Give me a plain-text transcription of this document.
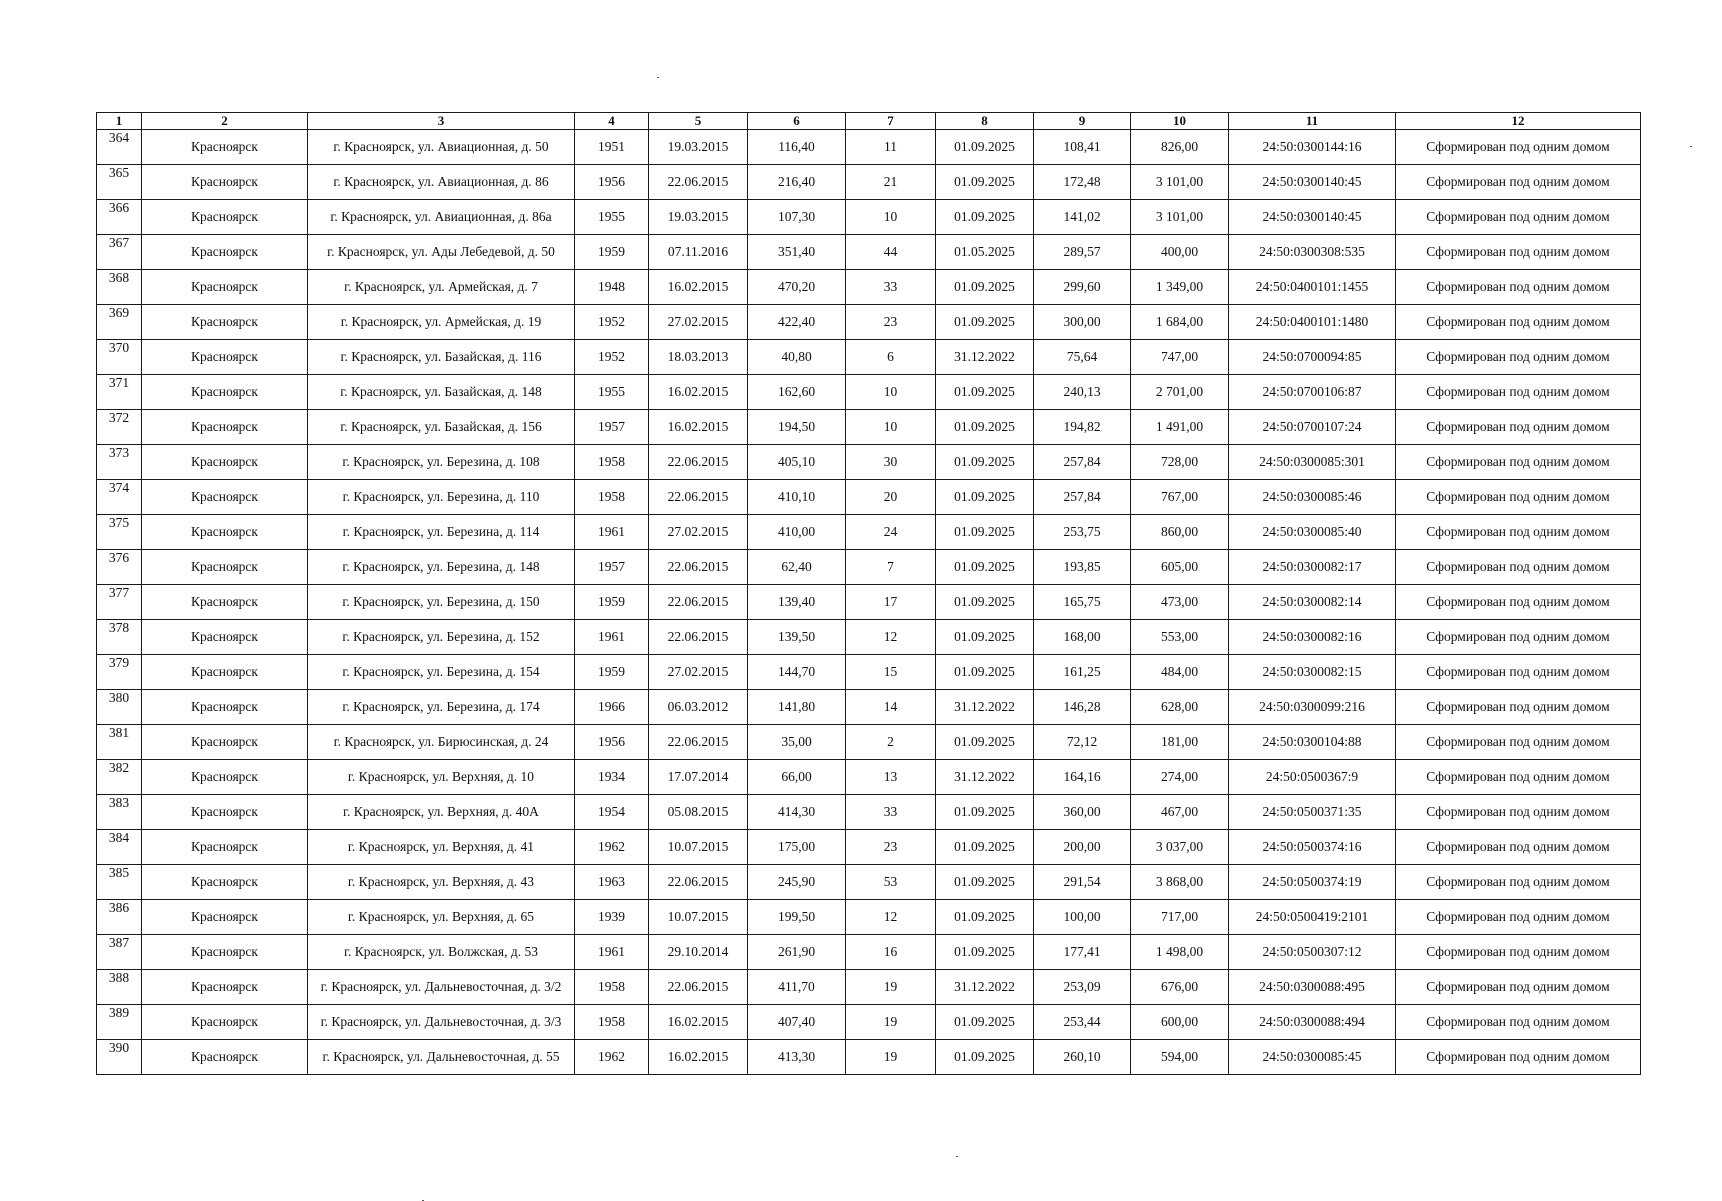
1	2	3	4	5	6	7	8	9	10	11	12
364	Красноярск	г. Красноярск, ул. Авиационная, д. 50	1951	19.03.2015	116,40	11	01.09.2025	108,41	826,00	24:50:0300144:16	Сформирован под одним домом
365	Красноярск	г. Красноярск, ул. Авиационная, д. 86	1956	22.06.2015	216,40	21	01.09.2025	172,48	3 101,00	24:50:0300140:45	Сформирован под одним домом
366	Красноярск	г. Красноярск, ул. Авиационная, д. 86а	1955	19.03.2015	107,30	10	01.09.2025	141,02	3 101,00	24:50:0300140:45	Сформирован под одним домом
367	Красноярск	г. Красноярск, ул. Ады Лебедевой, д. 50	1959	07.11.2016	351,40	44	01.05.2025	289,57	400,00	24:50:0300308:535	Сформирован под одним домом
368	Красноярск	г. Красноярск, ул. Армейская, д. 7	1948	16.02.2015	470,20	33	01.09.2025	299,60	1 349,00	24:50:0400101:1455	Сформирован под одним домом
369	Красноярск	г. Красноярск, ул. Армейская, д. 19	1952	27.02.2015	422,40	23	01.09.2025	300,00	1 684,00	24:50:0400101:1480	Сформирован под одним домом
370	Красноярск	г. Красноярск, ул. Базайская, д. 116	1952	18.03.2013	40,80	6	31.12.2022	75,64	747,00	24:50:0700094:85	Сформирован под одним домом
371	Красноярск	г. Красноярск, ул. Базайская, д. 148	1955	16.02.2015	162,60	10	01.09.2025	240,13	2 701,00	24:50:0700106:87	Сформирован под одним домом
372	Красноярск	г. Красноярск, ул. Базайская, д. 156	1957	16.02.2015	194,50	10	01.09.2025	194,82	1 491,00	24:50:0700107:24	Сформирован под одним домом
373	Красноярск	г. Красноярск, ул. Березина, д. 108	1958	22.06.2015	405,10	30	01.09.2025	257,84	728,00	24:50:0300085:301	Сформирован под одним домом
374	Красноярск	г. Красноярск, ул. Березина, д. 110	1958	22.06.2015	410,10	20	01.09.2025	257,84	767,00	24:50:0300085:46	Сформирован под одним домом
375	Красноярск	г. Красноярск, ул. Березина, д. 114	1961	27.02.2015	410,00	24	01.09.2025	253,75	860,00	24:50:0300085:40	Сформирован под одним домом
376	Красноярск	г. Красноярск, ул. Березина, д. 148	1957	22.06.2015	62,40	7	01.09.2025	193,85	605,00	24:50:0300082:17	Сформирован под одним домом
377	Красноярск	г. Красноярск, ул. Березина, д. 150	1959	22.06.2015	139,40	17	01.09.2025	165,75	473,00	24:50:0300082:14	Сформирован под одним домом
378	Красноярск	г. Красноярск, ул. Березина, д. 152	1961	22.06.2015	139,50	12	01.09.2025	168,00	553,00	24:50:0300082:16	Сформирован под одним домом
379	Красноярск	г. Красноярск, ул. Березина, д. 154	1959	27.02.2015	144,70	15	01.09.2025	161,25	484,00	24:50:0300082:15	Сформирован под одним домом
380	Красноярск	г. Красноярск, ул. Березина, д. 174	1966	06.03.2012	141,80	14	31.12.2022	146,28	628,00	24:50:0300099:216	Сформирован под одним домом
381	Красноярск	г. Красноярск, ул. Бирюсинская, д. 24	1956	22.06.2015	35,00	2	01.09.2025	72,12	181,00	24:50:0300104:88	Сформирован под одним домом
382	Красноярск	г. Красноярск, ул. Верхняя, д. 10	1934	17.07.2014	66,00	13	31.12.2022	164,16	274,00	24:50:0500367:9	Сформирован под одним домом
383	Красноярск	г. Красноярск, ул. Верхняя, д. 40А	1954	05.08.2015	414,30	33	01.09.2025	360,00	467,00	24:50:0500371:35	Сформирован под одним домом
384	Красноярск	г. Красноярск, ул. Верхняя, д. 41	1962	10.07.2015	175,00	23	01.09.2025	200,00	3 037,00	24:50:0500374:16	Сформирован под одним домом
385	Красноярск	г. Красноярск, ул. Верхняя, д. 43	1963	22.06.2015	245,90	53	01.09.2025	291,54	3 868,00	24:50:0500374:19	Сформирован под одним домом
386	Красноярск	г. Красноярск, ул. Верхняя, д. 65	1939	10.07.2015	199,50	12	01.09.2025	100,00	717,00	24:50:0500419:2101	Сформирован под одним домом
387	Красноярск	г. Красноярск, ул. Волжская, д. 53	1961	29.10.2014	261,90	16	01.09.2025	177,41	1 498,00	24:50:0500307:12	Сформирован под одним домом
388	Красноярск	г. Красноярск, ул. Дальневосточная, д. 3/2	1958	22.06.2015	411,70	19	31.12.2022	253,09	676,00	24:50:0300088:495	Сформирован под одним домом
389	Красноярск	г. Красноярск, ул. Дальневосточная, д. 3/3	1958	16.02.2015	407,40	19	01.09.2025	253,44	600,00	24:50:0300088:494	Сформирован под одним домом
390	Красноярск	г. Красноярск, ул. Дальневосточная, д. 55	1962	16.02.2015	413,30	19	01.09.2025	260,10	594,00	24:50:0300085:45	Сформирован под одним домом
